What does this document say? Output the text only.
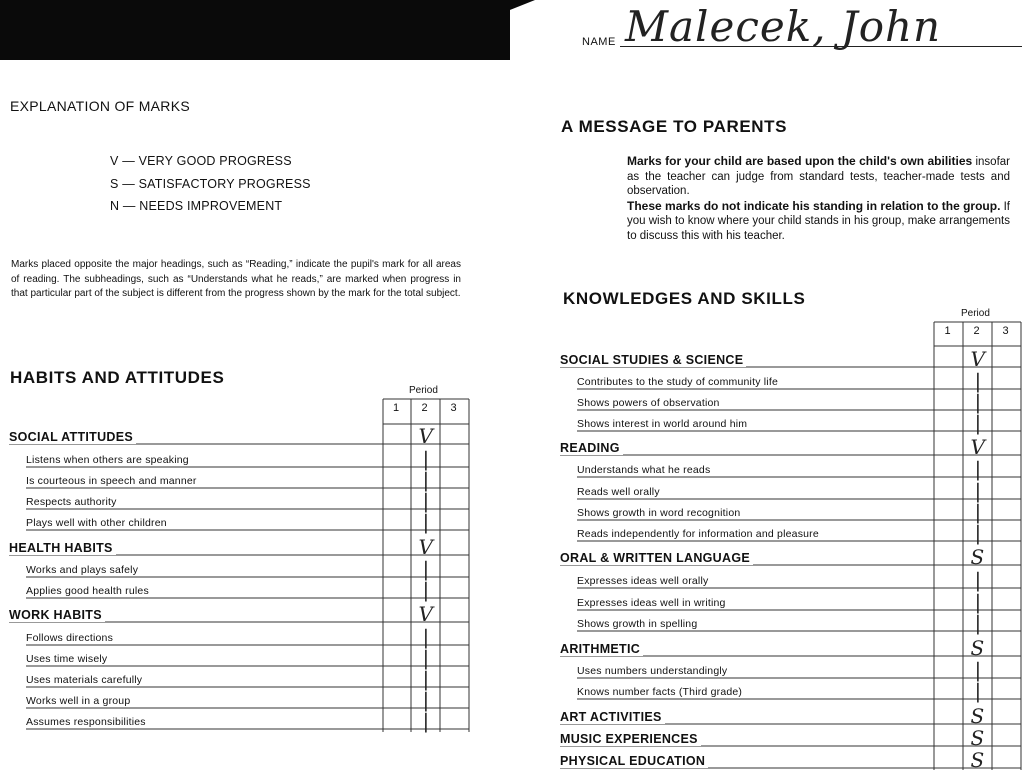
NAME Malecek, John
EXPLANATION OF MARKS
V — VERY GOOD PROGRESS
S — SATISFACTORY PROGRESS
N — NEEDS IMPROVEMENT
Marks placed opposite the major headings, such as “Reading,” indicate the pupil's mark for all areas of reading. The subheadings, such as “Understands what he reads,” are marked when progress in that particular part of the subject is different from the progress shown by the mark for the total subject.
A MESSAGE TO PARENTS
Marks for your child are based upon the child's own abilities insofar as the teacher can judge from standard tests, teacher-made tests and observation.
These marks do not indicate his standing in relation to the group. If you wish to know where your child stands in his group, make arrangements to discuss this with his teacher.
HABITS AND ATTITUDES
Period
1 2 3
SOCIAL ATTITUDES	V
Listens when others are speaking	|
Is courteous in speech and manner	|
Respects authority	|
Plays well with other children	|
HEALTH HABITS	V
Works and plays safely	|
Applies good health rules	|
WORK HABITS	V
Follows directions	|
Uses time wisely	|
Uses materials carefully	|
Works well in a group	|
Assumes responsibilities	|
KNOWLEDGES AND SKILLS
Period
1 2 3
SOCIAL STUDIES & SCIENCE	V
Contributes to the study of community life	|
Shows powers of observation	|
Shows interest in world around him	|
READING	V
Understands what he reads	|
Reads well orally	|
Shows growth in word recognition	|
Reads independently for information and pleasure	|
ORAL & WRITTEN LANGUAGE	S
Expresses ideas well orally	|
Expresses ideas well in writing	|
Shows growth in spelling	|
ARITHMETIC	S
Uses numbers understandingly	|
Knows number facts (Third grade)	|
ART ACTIVITIES	S
MUSIC EXPERIENCES	S
PHYSICAL EDUCATION	S
